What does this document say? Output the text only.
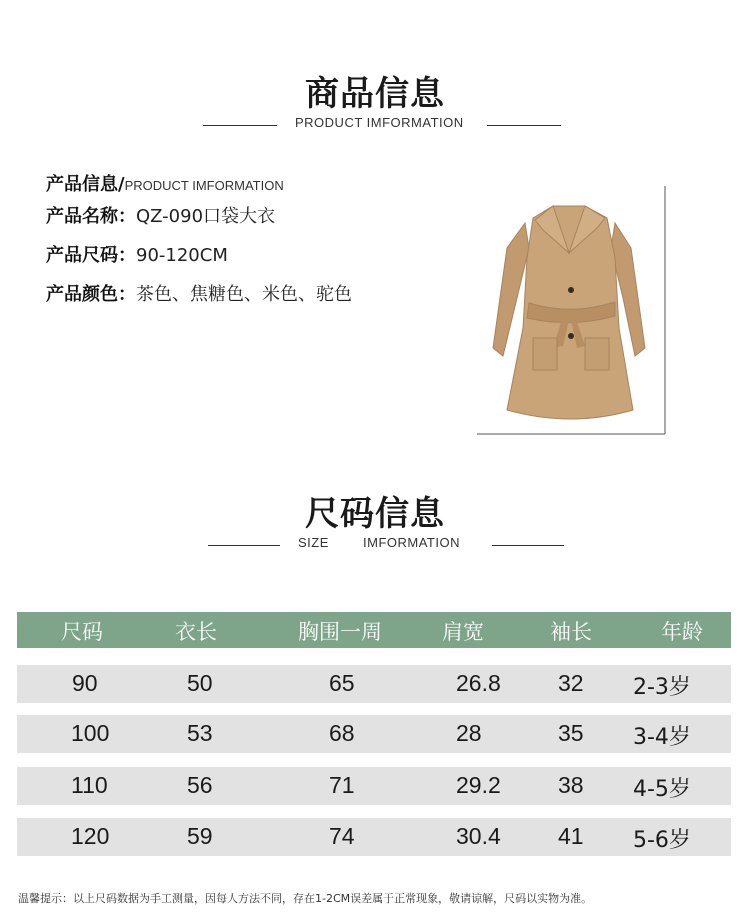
商品信息
PRODUCT IMFORMATION
产品信息/PRODUCT IMFORMATION
产品名称：QZ-090口袋大衣
产品尺码：90-120CM
产品颜色：茶色、焦糖色、米色、驼色
尺码信息
SIZE	IMFORMATION
尺码	衣长	胸围一周	肩宽	袖长	年龄
90	50	65	26.8 32 2-3岁
100	53	68	28	35 3-4岁
110	56	71	29.2 38 4-5岁
120	59	74	30.4 41 5-6岁
温馨提示：以上尺码数据为手工测量，因每人方法不同，存在1-2CM误差属于正常现象，敬请谅解，尺码以实物为准。
